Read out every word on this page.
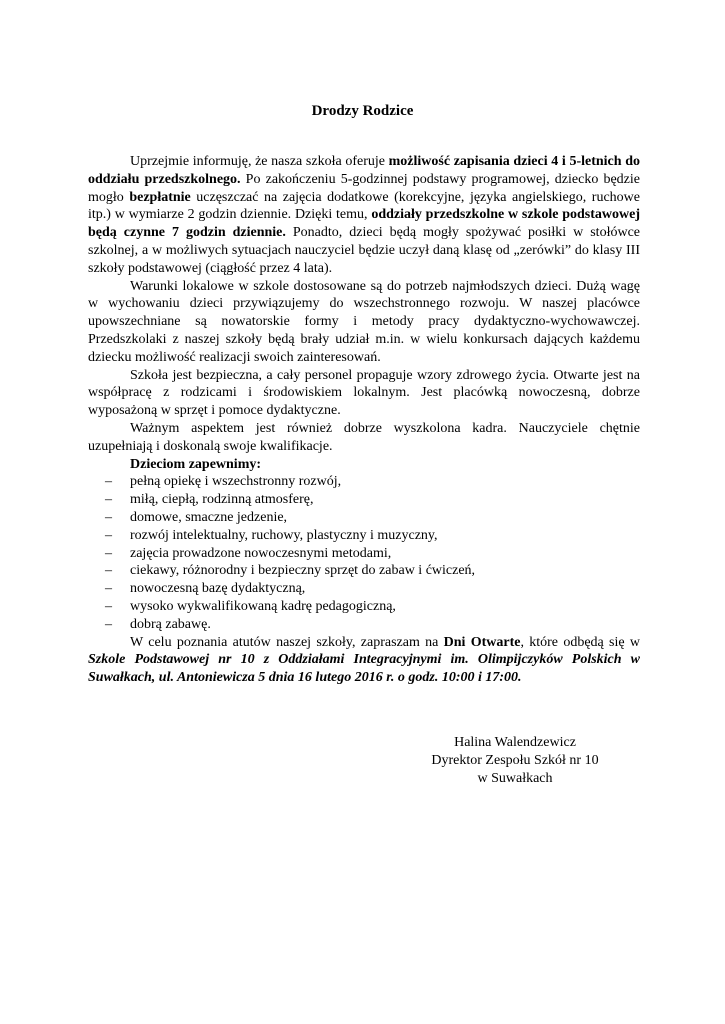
Drodzy Rodzice

Uprzejmie informuję, że nasza szkoła oferuje możliwość zapisania dzieci 4 i 5-letnich do oddziału przedszkolnego. Po zakończeniu 5-godzinnej podstawy programowej, dziecko będzie mogło bezpłatnie uczęszczać na zajęcia dodatkowe (korekcyjne, języka angielskiego, ruchowe itp.) w wymiarze 2 godzin dziennie. Dzięki temu, oddziały przedszkolne w szkole podstawowej będą czynne 7 godzin dziennie. Ponadto, dzieci będą mogły spożywać posiłki w stołówce szkolnej, a w możliwych sytuacjach nauczyciel będzie uczył daną klasę od „zerówki” do klasy III szkoły podstawowej (ciągłość przez 4 lata).

Warunki lokalowe w szkole dostosowane są do potrzeb najmłodszych dzieci. Dużą wagę w wychowaniu dzieci przywiązujemy do wszechstronnego rozwoju. W naszej placówce upowszechniane są nowatorskie formy i metody pracy dydaktyczno-wychowawczej. Przedszkolaki z naszej szkoły będą brały udział m.in. w wielu konkursach dających każdemu dziecku możliwość realizacji swoich zainteresowań.

Szkoła jest bezpieczna, a cały personel propaguje wzory zdrowego życia. Otwarte jest na współpracę z rodzicami i środowiskiem lokalnym. Jest placówką nowoczesną, dobrze wyposażoną w sprzęt i pomoce dydaktyczne.

Ważnym aspektem jest również dobrze wyszkolona kadra. Nauczyciele chętnie uzupełniają i doskonalą swoje kwalifikacje.

Dzieciom zapewnimy:
– pełną opiekę i wszechstronny rozwój,
– miłą, ciepłą, rodzinną atmosferę,
– domowe, smaczne jedzenie,
– rozwój intelektualny, ruchowy, plastyczny i muzyczny,
– zajęcia prowadzone nowoczesnymi metodami,
– ciekawy, różnorodny i bezpieczny sprzęt do zabaw i ćwiczeń,
– nowoczesną bazę dydaktyczną,
– wysoko wykwalifikowaną kadrę pedagogiczną,
– dobrą zabawę.

W celu poznania atutów naszej szkoły, zapraszam na Dni Otwarte, które odbędą się w Szkole Podstawowej nr 10 z Oddziałami Integracyjnymi im. Olimpijczyków Polskich w Suwałkach, ul. Antoniewicza 5 dnia 16 lutego 2016 r. o godz. 10:00 i 17:00.

Halina Walendzewicz
Dyrektor Zespołu Szkół nr 10
w Suwałkach
